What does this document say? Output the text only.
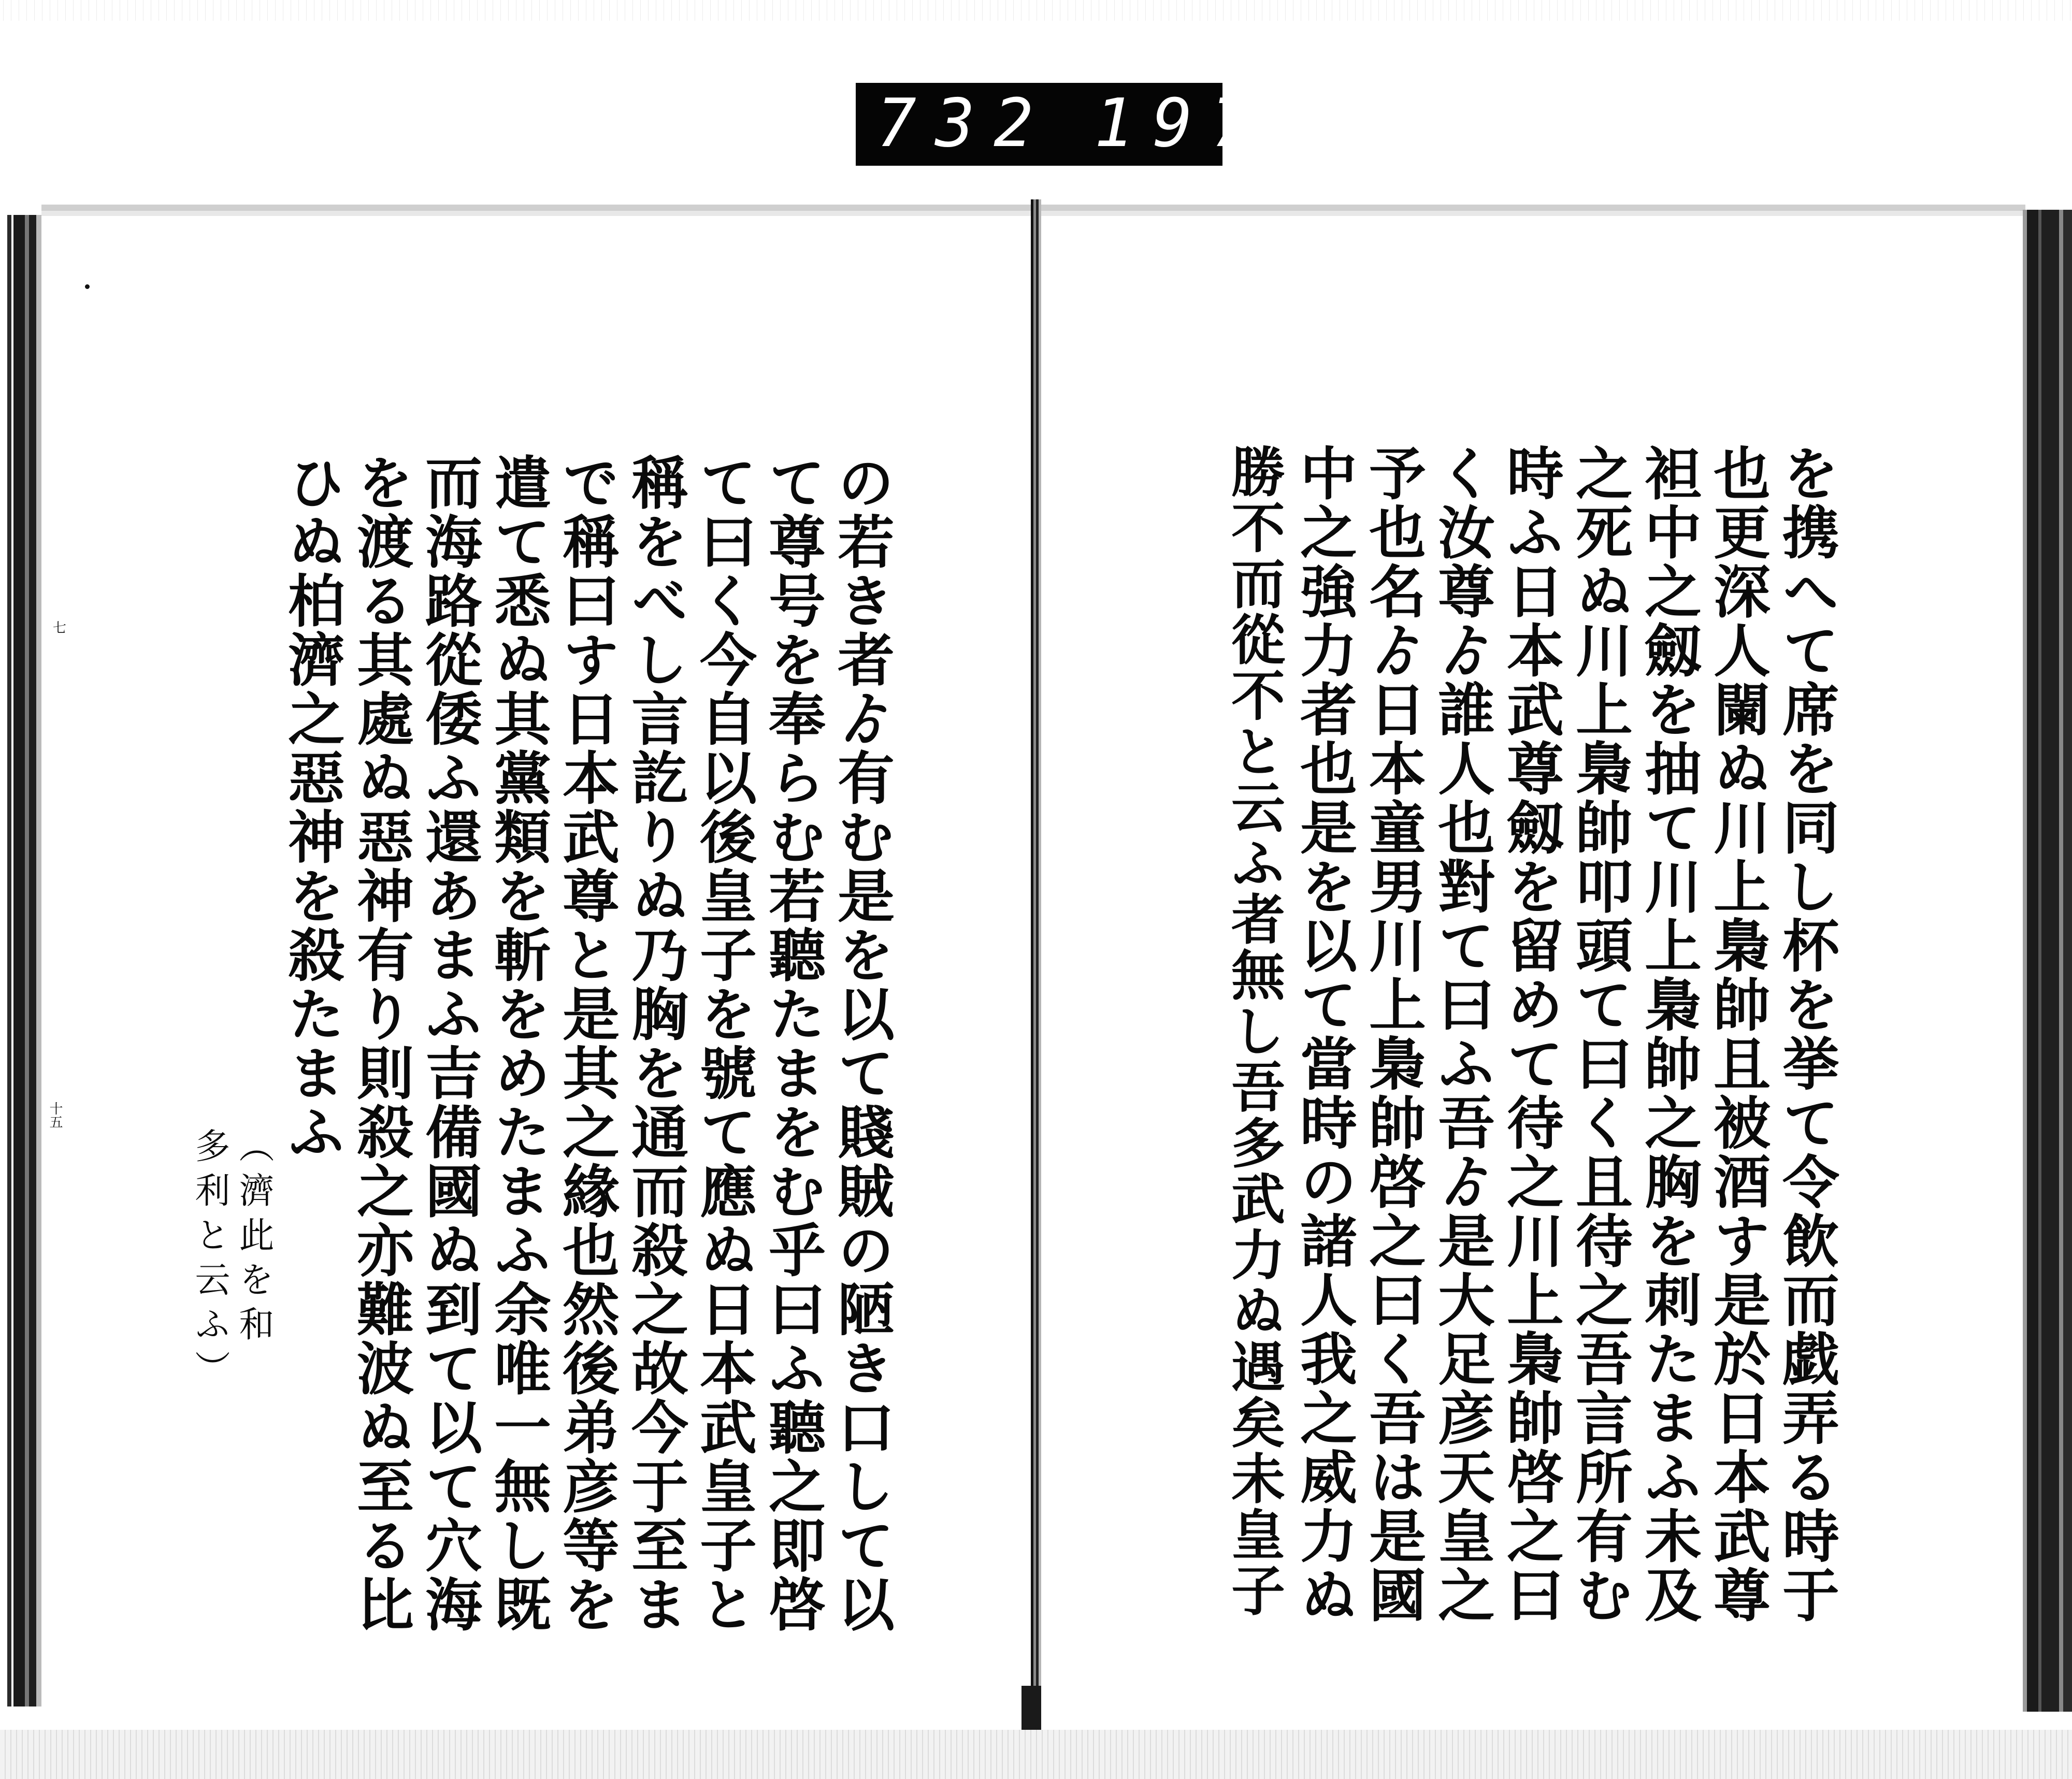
732 197.
七
十五	の若き者ゟ有む是を以て賤賊の陋き口して以
て尊号を奉らむ若聽たまをむ乎曰ふ聽之即啓
て曰く今自以後皇子を號て應ぬ日本武皇子と
稱をべし言訖りぬ乃胸を通而殺之故今于至ま
で稱曰す日本武尊と是其之緣也然後弟彦等を
遣て悉ぬ其黨類を斬をめたまふ余唯一無し既
而海路從倭ふ還あまふ吉備國ぬ到て以て穴海
を渡る其處ぬ惡神有り則殺之亦難波ぬ至る比
ひぬ柏濟之惡神を殺たまふ
（濟此を和
多利と云ふ）	を携へて席を同し杯を挙て令飲而戯弄る時于
也更深人闌ぬ川上梟帥且被酒す是於日本武尊
袒中之劔を抽て川上梟帥之胸を刺たまふ未及
之死ぬ川上梟帥叩頭て曰く且待之吾言所有む
時ふ日本武尊劔を留めて待之川上梟帥啓之曰
く汝尊ゟ誰人也對て曰ふ吾ゟ是大足彦天皇之
予也名ゟ日本童男川上梟帥啓之曰く吾は是國
中之強力者也是を以て當時の諸人我之威力ぬ
勝不而從不と云ふ者無し吾多武力ぬ遇矣未皇子
